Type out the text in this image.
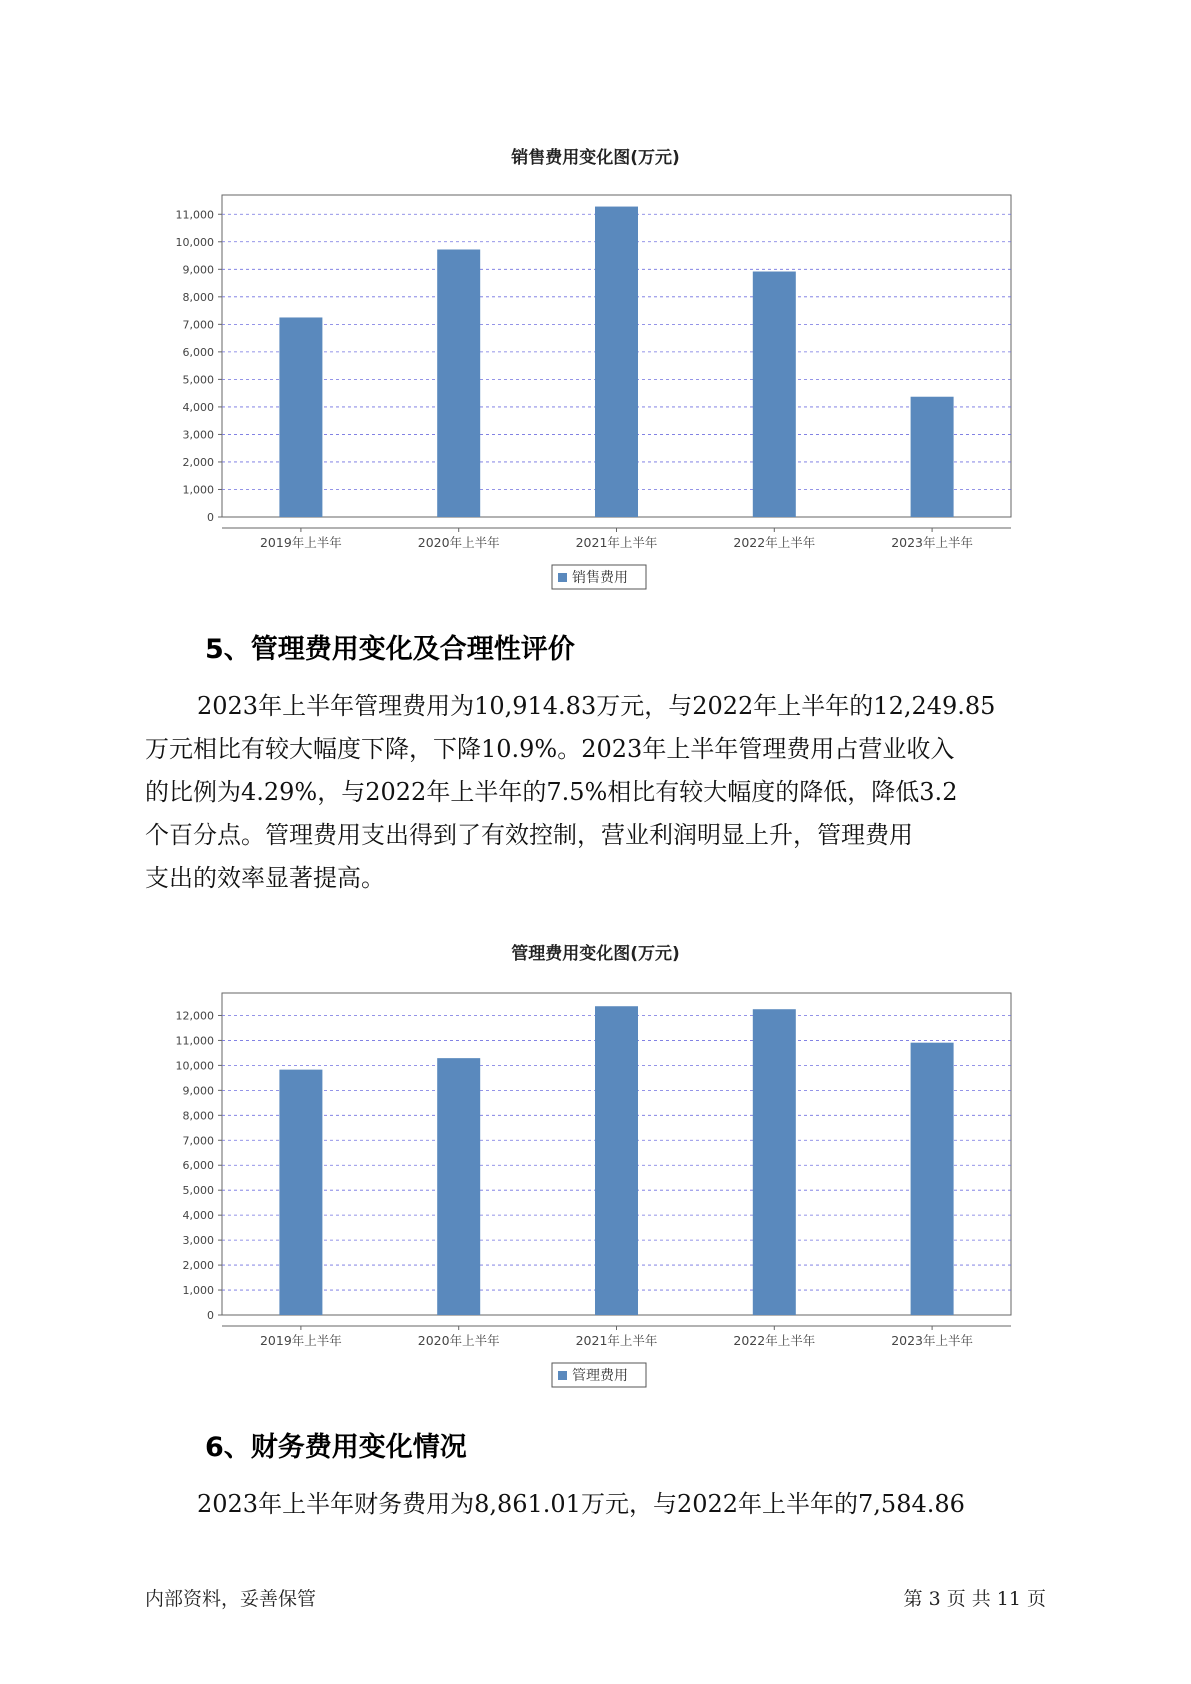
销售费用变化图(万元)
0
1,000
2,000
3,000
4,000
5,000
6,000
7,000
8,000
9,000
10,000
11,000
2019年上半年	2020年上半年	2021年上半年	2022年上半年	2023年上半年
销售费用
5、管理费用变化及合理性评价
2023年上半年管理费用为10,914.83万元，与2022年上半年的12,249.85
万元相比有较大幅度下降，下降10.9%。2023年上半年管理费用占营业收入
的比例为4.29%，与2022年上半年的7.5%相比有较大幅度的降低，降低3.2
个百分点。管理费用支出得到了有效控制，营业利润明显上升，管理费用
支出的效率显著提高。
管理费用变化图(万元)
0
1,000
2,000
3,000
4,000
5,000
6,000
7,000
8,000
9,000
10,000
11,000
12,000
2019年上半年	2020年上半年	2021年上半年	2022年上半年	2023年上半年
管理费用
6、财务费用变化情况
2023年上半年财务费用为8,861.01万元，与2022年上半年的7,584.86
内部资料，妥善保管	第 3 页 共 11 页
